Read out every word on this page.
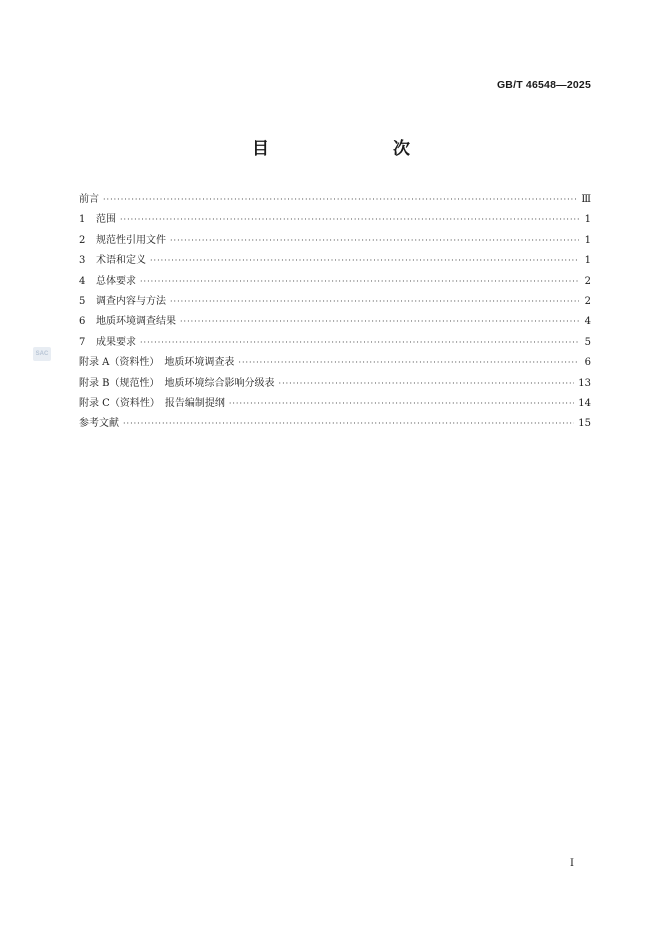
GB/T 46548—2025
目　　次
SAC
前言 ·····	Ⅲ
1	范围 ·····	1
2	规范性引用文件 ·····	1
3	术语和定义 ·····	1
4	总体要求 ·····	2
5	调查内容与方法 ·····	2
6	地质环境调查结果 ·····	4
7	成果要求 ·····	5
附录 A（资料性）　地质环境调查表 ·····	6
附录 B（规范性）　地质环境综合影响分级表 ·····	13
附录 C（资料性）　报告编制提纲 ·····	14
参考文献 ·····	15
I
